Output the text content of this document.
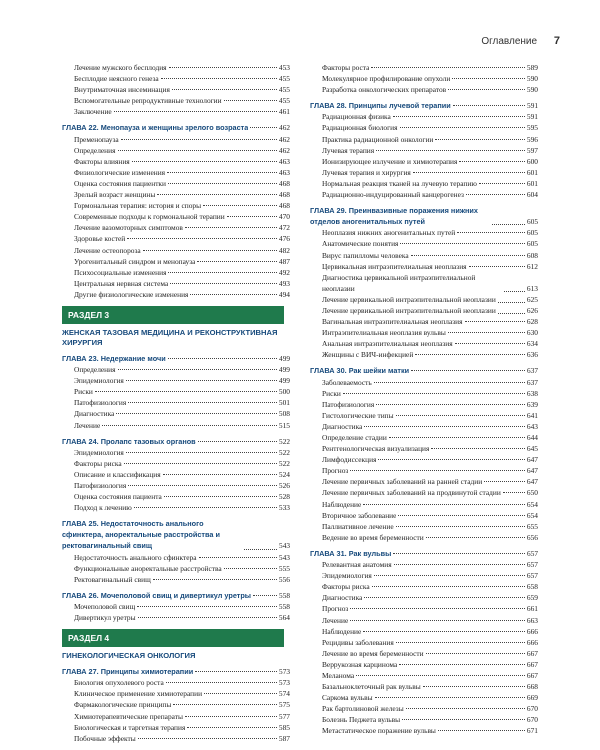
Оглавление 7
Лечение мужского бесплодия	453
Бесплодие неясного генеза	455
Внутриматочная инсеминация	455
Вспомогательные репродуктивные технологии	455
Заключение	461
ГЛАВА 22. Менопауза и женщины зрелого возраста	462
Пременопауза	462
Определения	462
Факторы влияния	463
Физиологические изменения	463
Оценка состояния пациентки	468
Зрелый возраст женщины	468
Гормональная терапия: история и споры	468
Современные подходы к гормональной терапии	470
Лечение вазомоторных симптомов	472
Здоровье костей	476
Лечение остеопороза	482
Урогенитальный синдром и менопауза	487
Психосоциальные изменения	492
Центральная нервная система	493
Другие физиологические изменения	494
РАЗДЕЛ 3
ЖЕНСКАЯ ТАЗОВАЯ МЕДИЦИНА И РЕКОНСТРУКТИВНАЯ ХИРУРГИЯ
ГЛАВА 23. Недержание мочи	499
Определения	499
Эпидемиология	499
Риски	500
Патофизиология	501
Диагностика	508
Лечение	515
ГЛАВА 24. Пролапс тазовых органов	522
Эпидемиология	522
Факторы риска	522
Описание и классификация	524
Патофизиология	526
Оценка состояния пациента	528
Подход к лечению	533
ГЛАВА 25. Недостаточность анального сфинктера, аноректальные расстройства и ректовагинальный свищ	543
Недостаточность анального сфинктера	543
Функциональные аноректальные расстройства	555
Ректовагинальный свищ	556
ГЛАВА 26. Мочеполовой свищ и дивертикул уретры	558
Мочеполовой свищ	558
Дивертикул уретры	564
РАЗДЕЛ 4
ГИНЕКОЛОГИЧЕСКАЯ ОНКОЛОГИЯ
ГЛАВА 27. Принципы химиотерапии	573
Биология опухолевого роста	573
Клиническое применение химиотерапии	574
Фармакологические принципы	575
Химиотерапевтические препараты	577
Биологическая и таргетная терапия	585
Побочные эффекты	587
Факторы роста	589
Молекулярное профилирование опухоли	590
Разработка онкологических препаратов	590
ГЛАВА 28. Принципы лучевой терапии	591
Радиационная физика	591
Радиационная биология	595
Практика радиационной онкологии	596
Лучевая терапия	597
Ионизирующее излучение и химиотерапия	600
Лучевая терапия и хирургия	601
Нормальная реакция тканей на лучевую терапию	601
Радиационно-индуцированный канцерогенез	604
ГЛАВА 29. Преинвазивные поражения нижних отделов аногенитальных путей	605
Неоплазия нижних аногенитальных путей	605
Анатомические понятия	605
Вирус папилломы человека	608
Цервикальная интраэпителиальная неоплазия	612
Диагностика цервикальной интраэпителиальной неоплазии	613
Лечение цервикальной интраэпителиальной неоплазии	625
Лечение цервикальной интраэпителиальной неоплазии	626
Вагинальная интраэпителиальная неоплазия	628
Интраэпителиальная неоплазия вульвы	630
Анальная интраэпителиальная неоплазия	634
Женщины с ВИЧ-инфекцией	636
ГЛАВА 30. Рак шейки матки	637
Заболеваемость	637
Риски	638
Патофизиология	639
Гистологические типы	641
Диагностика	643
Определение стадии	644
Рентгенологическая визуализация	645
Лимфодиссекция	647
Прогноз	647
Лечение первичных заболеваний на ранней стадии	647
Лечение первичных заболеваний на продвинутой стадии	650
Наблюдение	654
Вторичное заболевание	654
Паллиативное лечение	655
Ведение во время беременности	656
ГЛАВА 31. Рак вульвы	657
Релевантная анатомия	657
Эпидемиология	657
Факторы риска	658
Диагностика	659
Прогноз	661
Лечение	663
Наблюдение	666
Рецидивы заболевания	666
Лечение во время беременности	667
Веррукозная карцинома	667
Меланома	667
Базальноклеточный рак вульвы	668
Саркома вульвы	669
Рак бартолиновой железы	670
Болезнь Педжета вульвы	670
Метастатическое поражение вульвы	671
